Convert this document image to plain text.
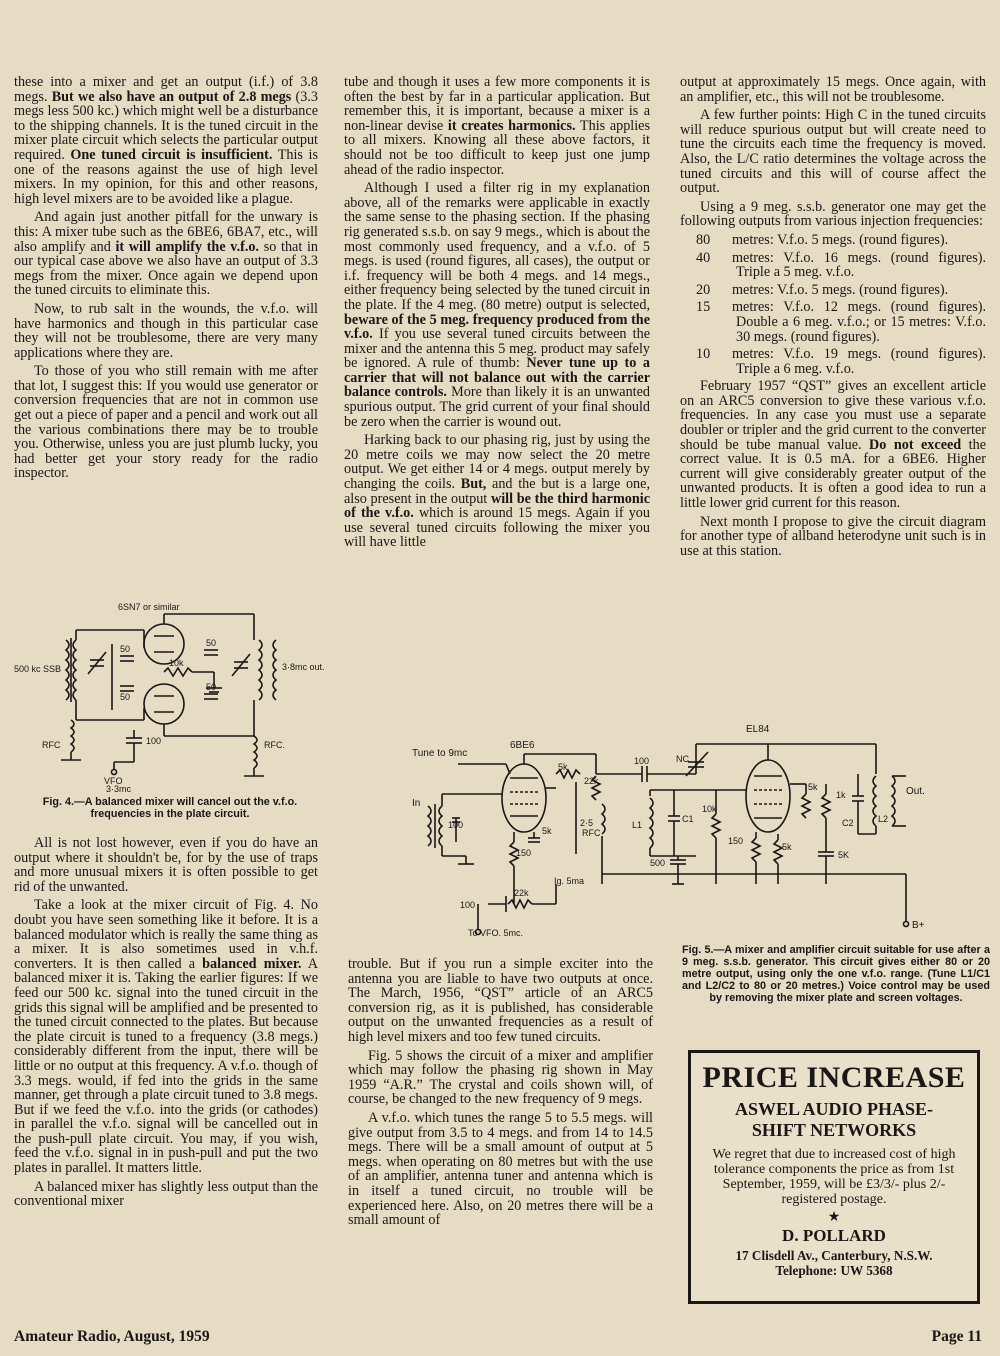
these into a mixer and get an output (i.f.) of 3.8 megs. But we also have an output of 2.8 megs (3.3 megs less 500 kc.) which might well be a disturbance to the shipping channels. It is the tuned circuit in the mixer plate circuit which selects the particular output required. One tuned circuit is insufficient. This is one of the reasons against the use of high level mixers. In my opinion, for this and other reasons, high level mixers are to be avoided like a plague.

And again just another pitfall for the unwary is this: A mixer tube such as the 6BE6, 6BA7, etc., will also amplify and it will amplify the v.f.o. so that in our typical case above we also have an output of 3.3 megs from the mixer. Once again we depend upon the tuned circuits to eliminate this.

Now, to rub salt in the wounds, the v.f.o. will have harmonics and though in this particular case they will not be troublesome, there are very many applications where they are.

To those of you who still remain with me after that lot, I suggest this: If you would use generator or conversion frequencies that are not in common use get out a piece of paper and a pencil and work out all the various combinations there may be to trouble you. Otherwise, unless you are just plumb lucky, you had better get your story ready for the radio inspector.

6SN7 or similar
500 kc SSB	3·8mc out.
10k
50
50
50
50
100
RFC	RFC.
VFO
3·3mc
Fig. 4.—A balanced mixer will cancel out the v.f.o. frequencies in the plate circuit.

All is not lost however, even if you do have an output where it shouldn't be, for by the use of traps and more unusual mixers it is often possible to get rid of the unwanted.

Take a look at the mixer circuit of Fig. 4. No doubt you have seen something like it before. It is a balanced modulator which is really the same thing as a mixer. It is also sometimes used in v.h.f. converters. It is then called a balanced mixer. A balanced mixer it is. Taking the earlier figures: If we feed our 500 kc. signal into the tuned circuit in the grids this signal will be amplified and be presented to the tuned circuit connected to the plates. But because the plate circuit is tuned to a frequency (3.8 megs.) considerably different from the input, there will be little or no output at this frequency. A v.f.o. though of 3.3 megs. would, if fed into the grids in the same manner, get through a plate circuit tuned to 3.8 megs. But if we feed the v.f.o. into the grids (or cathodes) in parallel the v.f.o. signal will be cancelled out in the push-pull plate circuit. You may, if you wish, feed the v.f.o. signal in in push-pull and put the two plates in parallel. It matters little.

A balanced mixer has slightly less output than the conventional mixer

tube and though it uses a few more components it is often the best by far in a particular application. But remember this, it is important, because a mixer is a non-linear devise it creates harmonics. This applies to all mixers. Knowing all these above factors, it should not be too difficult to keep just one jump ahead of the radio inspector.

Although I used a filter rig in my explanation above, all of the remarks were applicable in exactly the same sense to the phasing section. If the phasing rig generated s.s.b. on say 9 megs., which is about the most commonly used frequency, and a v.f.o. of 5 megs. is used (round figures, all cases), the output or i.f. frequency will be both 4 megs. and 14 megs., either frequency being selected by the tuned circuit in the plate. If the 4 meg. (80 metre) output is selected, beware of the 5 meg. frequency produced from the v.f.o. If you use several tuned circuits between the mixer and the antenna this 5 meg. product may safely be ignored. A rule of thumb: Never tune up to a carrier that will not balance out with the carrier balance controls. More than likely it is an unwanted spurious output. The grid current of your final should be zero when the carrier is wound out.

Harking back to our phasing rig, just by using the 20 metre coils we may now select the 20 metre output. We get either 14 or 4 megs. output merely by changing the coils. But, and the but is a large one, also present in the output will be the third harmonic of the v.f.o. which is around 15 megs. Again if you use several tuned circuits following the mixer you will have little

output at approximately 15 megs. Once again, with an amplifier, etc., this will not be troublesome.

A few further points: High C in the tuned circuits will reduce spurious output but will create need to tune the circuits each time the frequency is moved. Also, the L/C ratio determines the voltage across the tuned circuits and this will of course affect the output.

Using a 9 meg. s.s.b. generator one may get the following outputs from various injection frequencies:

80 metres: V.f.o. 5 megs. (round figures).
40 metres: V.f.o. 16 megs. (round figures). Triple a 5 meg. v.f.o.
20 metres: V.f.o. 5 megs. (round figures).
15 metres: V.f.o. 12 megs. (round figures). Double a 6 meg. v.f.o.; or 15 metres: V.f.o. 30 megs. (round figures).
10 metres: V.f.o. 19 megs. (round figures). Triple a 6 meg. v.f.o.

February 1957 “QST” gives an excellent article on an ARC5 conversion to give these various v.f.o. frequencies. In any case you must use a separate doubler or tripler and the grid current to the converter should be tube manual value. Do not exceed the correct value. It is 0.5 mA. for a 6BE6. Higher current will give considerably greater output of the unwanted products. It is often a good idea to run a little lower grid current for this reason.

Next month I propose to give the circuit diagram for another type of allband heterodyne unit such is in use at this station.

6BE6
EL84
Tune to 9mc
In
Out.
100
5k
22k
2·5
RFC
5k
150
100	NC
L1
C1
500
10k
150
5k
5k
1k
C2	L2
5K
Ig. 5ma
22k
100
To VFO. 5mc.
B+

trouble. But if you run a simple exciter into the antenna you are liable to have two outputs at once. The March, 1956, “QST” article of an ARC5 conversion rig, as it is published, has considerable output on the unwanted frequencies as a result of high level mixers and too few tuned circuits.

Fig. 5 shows the circuit of a mixer and amplifier which may follow the phasing rig shown in May 1959 “A.R.” The crystal and coils shown will, of course, be changed to the new frequency of 9 megs.

A v.f.o. which tunes the range 5 to 5.5 megs. will give output from 3.5 to 4 megs. and from 14 to 14.5 megs. There will be a small amount of output at 5 megs. when operating on 80 metres but with the use of an amplifier, antenna tuner and antenna which is in itself a tuned circuit, no trouble will be experienced here. Also, on 20 metres there will be a small amount of

Fig. 5.—A mixer and amplifier circuit suitable for use after a 9 meg. s.s.b. generator. This circuit gives either 80 or 20 metre output, using only the one v.f.o. range. (Tune L1/C1 and L2/C2 to 80 or 20 metres.) Voice control may be used by removing the mixer plate and screen voltages.
PRICE INCREASE
ASWEL AUDIO PHASE-
SHIFT NETWORKS
We regret that due to increased cost of high tolerance components the price as from 1st September, 1959, will be £3/3/- plus 2/- registered postage.
★
D. POLLARD
17 Clisdell Av., Canterbury, N.S.W.
Telephone: UW 5368
Amateur Radio, August, 1959	Page 11
